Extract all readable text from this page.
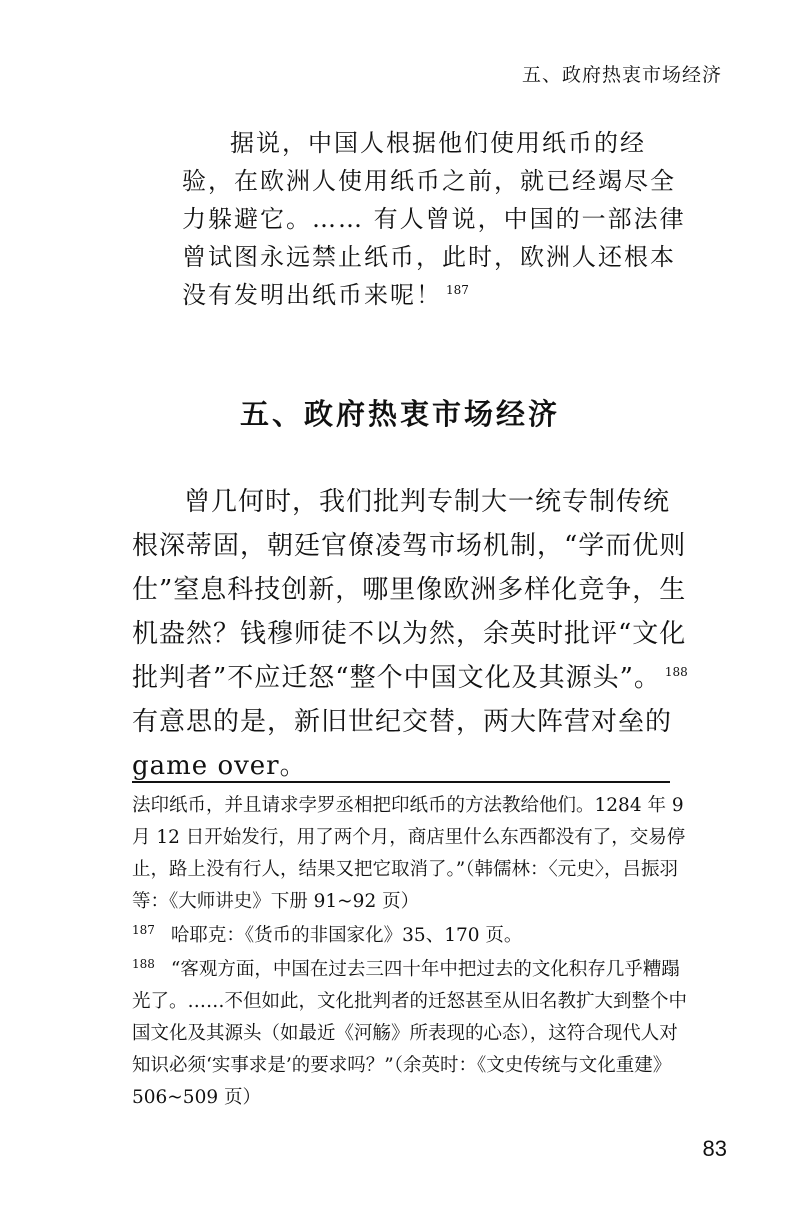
五、政府热衷市场经济

据说，中国人根据他们使用纸币的经验，在欧洲人使用纸币之前，就已经竭尽全力躲避它。…… 有人曾说，中国的一部法律曾试图永远禁止纸币，此时，欧洲人还根本没有发明出纸币来呢！ $^{187}$

五、政府热衷市场经济

曾几何时，我们批判专制大一统专制传统根深蒂固，朝廷官僚凌驾市场机制，“学而优则仕”窒息科技创新，哪里像欧洲多样化竞争，生机盎然？钱穆师徒不以为然，余英时批评“文化批判者”不应迁怒“整个中国文化及其源头”。 $^{188}$ 有意思的是，新旧世纪交替，两大阵营对垒的 game over。

法印纸币，并且请求孛罗丞相把印纸币的方法教给他们。1284 年 9 月 12 日开始发行，用了两个月，商店里什么东西都没有了，交易停止，路上没有行人，结果又把它取消了。”（韩儒林：〈元史〉，吕振羽等：《大师讲史》下册 91~92 页）

$^{187}$ 哈耶克：《货币的非国家化》35、170 页。

$^{188}$ “客观方面，中国在过去三四十年中把过去的文化积存几乎糟蹋光了。……不但如此，文化批判者的迁怒甚至从旧名教扩大到整个中国文化及其源头（如最近《河觞》所表现的心态），这符合现代人对知识必须‘实事求是’的要求吗？”（余英时：《文史传统与文化重建》506~509 页）

83
